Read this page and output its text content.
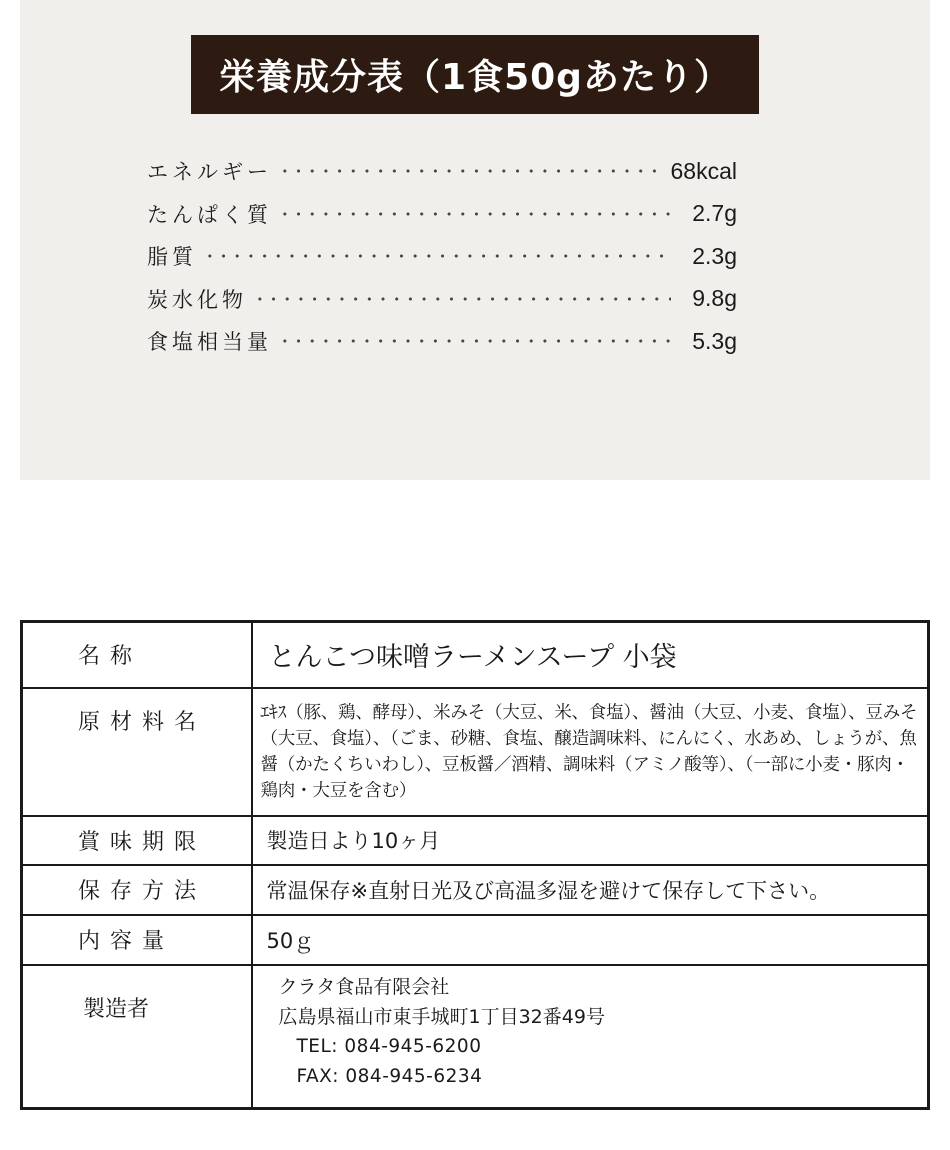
栄養成分表（1食50gあたり）
エネルギー	68kcal
たんぱく質	2.7g
脂質	2.3g
炭水化物	9.8g
食塩相当量	5.3g
名称	とんこつ味噌ラーメンスープ 小袋
原材料名	ｴｷｽ（豚、鶏、酵母）、米みそ（大豆、米、食塩）、醤油（大豆、小麦、食塩）、豆みそ（大豆、食塩）、（ごま、砂糖、食塩、醸造調味料、にんにく、水あめ、しょうが、魚醤（かたくちいわし）、豆板醤／酒精、調味料（アミノ酸等）、（一部に小麦・豚肉・鶏肉・大豆を含む）
賞味期限	製造日より10ヶ月
保存方法	常温保存※直射日光及び高温多湿を避けて保存して下さい。
内容量	50ｇ
製造者	クラタ食品有限会社
広島県福山市東手城町1丁目32番49号
TEL: 084-945-6200
FAX: 084-945-6234
